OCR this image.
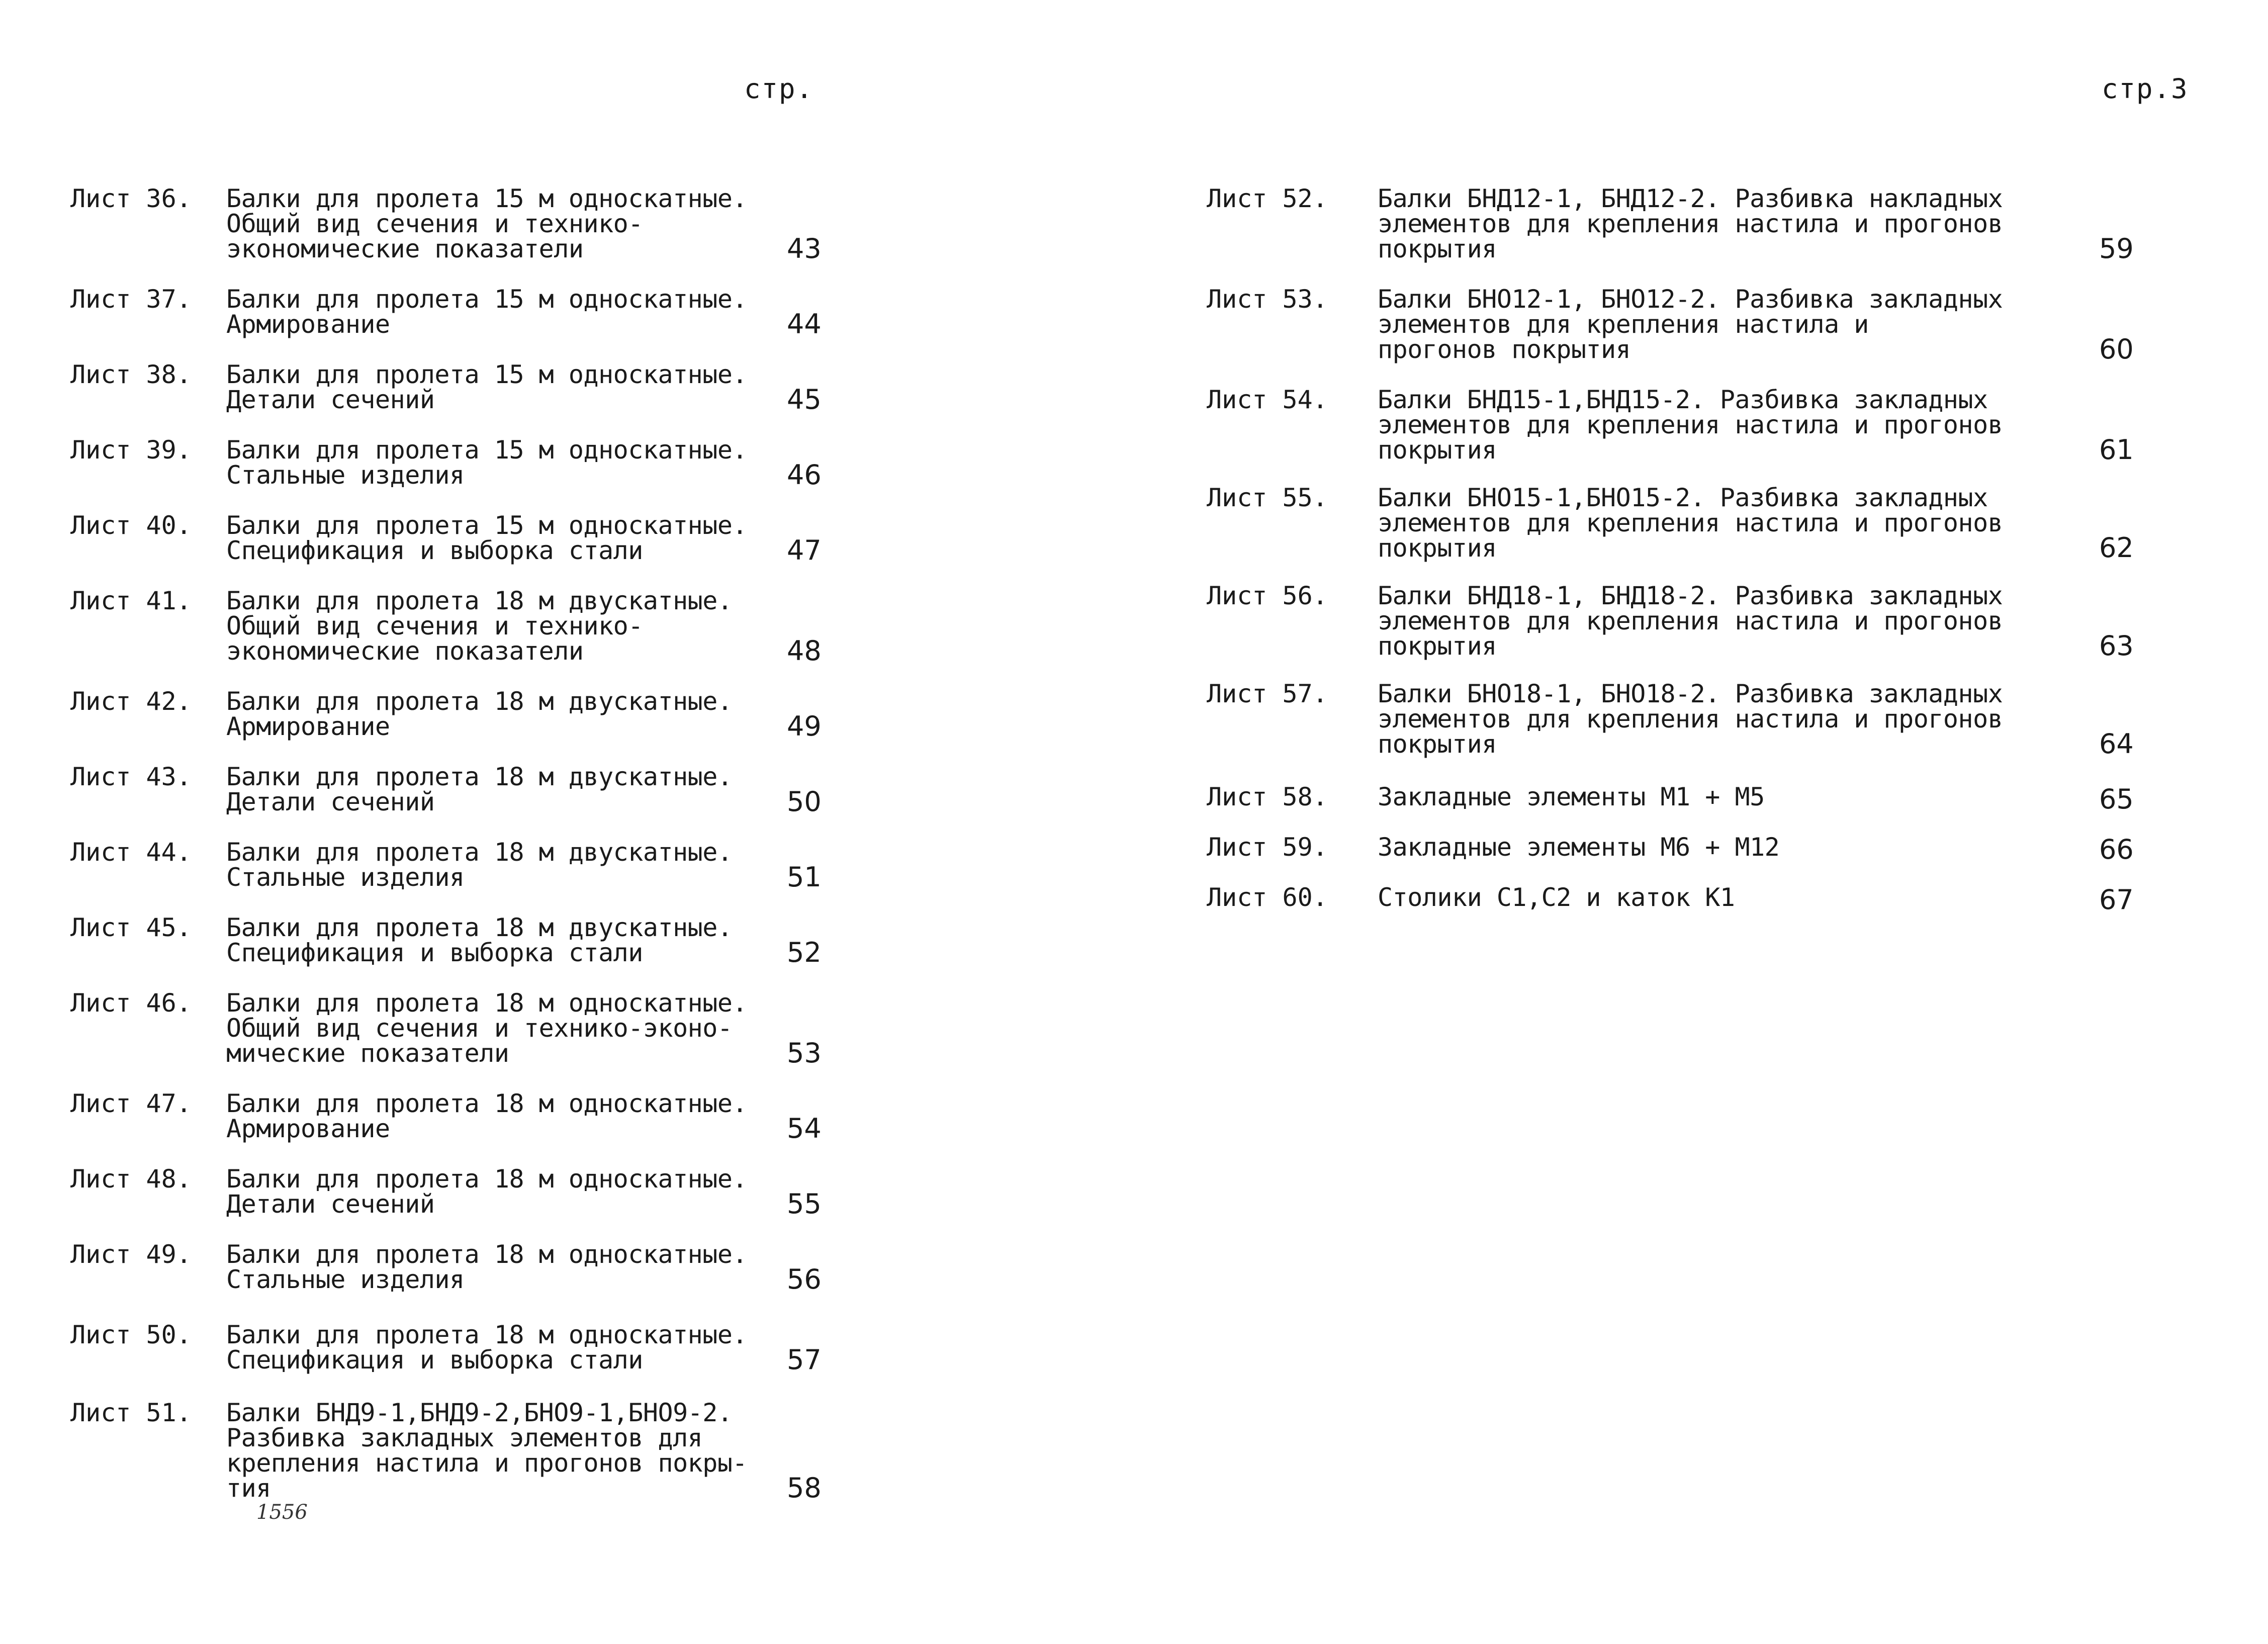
стр.	стр.3
Лист 36. Балки для пролета 15 м односкатные.
Общий вид сечения и технико-
экономические показатели	43
Лист 37. Балки для пролета 15 м односкатные.
Армирование	44
Лист 38. Балки для пролета 15 м односкатные.
Детали сечений	45
Лист 39. Балки для пролета 15 м односкатные.
Стальные изделия	46
Лист 40. Балки для пролета 15 м односкатные.
Спецификация и выборка стали	47
Лист 41. Балки для пролета 18 м двускатные.
Общий вид сечения и технико-
экономические показатели	48
Лист 42. Балки для пролета 18 м двускатные.
Армирование	49
Лист 43. Балки для пролета 18 м двускатные.
Детали сечений	50
Лист 44. Балки для пролета 18 м двускатные.
Стальные изделия	51
Лист 45. Балки для пролета 18 м двускатные.
Спецификация и выборка стали	52
Лист 46. Балки для пролета 18 м односкатные.
Общий вид сечения и технико-эконо-
мические показатели	53
Лист 47. Балки для пролета 18 м односкатные.
Армирование	54
Лист 48. Балки для пролета 18 м односкатные.
Детали сечений	55
Лист 49. Балки для пролета 18 м односкатные.
Стальные изделия	56
Лист 50. Балки для пролета 18 м односкатные.
Спецификация и выборка стали	57
Лист 51. Балки БНД9-1,БНД9-2,БНО9-1,БНО9-2.
Разбивка закладных элементов для
крепления настила и прогонов покры-
тия	58
Лист 52. Балки БНД12-1, БНД12-2. Разбивка накладных
элементов для крепления настила и прогонов
покрытия	59
Лист 53. Балки БНО12-1, БНО12-2. Разбивка закладных
элементов для крепления настила и
прогонов покрытия	60
Лист 54. Балки БНД15-1,БНД15-2. Разбивка закладных
элементов для крепления настила и прогонов
покрытия	61
Лист 55. Балки БНО15-1,БНО15-2. Разбивка закладных
элементов для крепления настила и прогонов
покрытия	62
Лист 56. Балки БНД18-1, БНД18-2. Разбивка закладных
элементов для крепления настила и прогонов
покрытия	63
Лист 57. Балки БНО18-1, БНО18-2. Разбивка закладных
элементов для крепления настила и прогонов
покрытия	64
Лист 58. Закладные элементы М1 + М5	65
Лист 59. Закладные элементы М6 + М12	66
Лист 60. Столики С1,С2 и каток К1	67
1556
